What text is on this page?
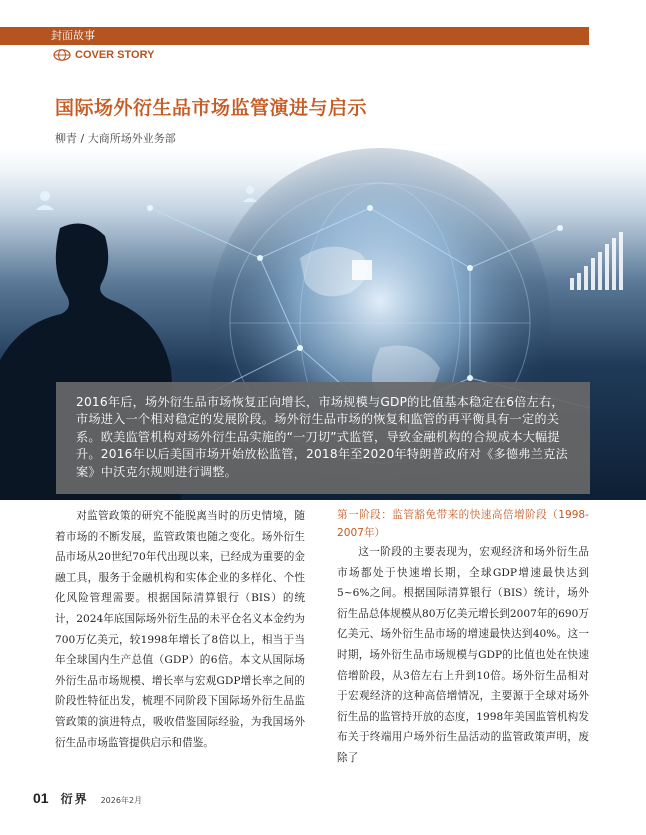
封面故事
COVER STORY
国际场外衍生品市场监管演进与启示
柳青 / 大商所场外业务部
2016年后，场外衍生品市场恢复正向增长，市场规模与GDP的比值基本稳定在6倍左右，市场进入一个相对稳定的发展阶段。场外衍生品市场的恢复和监管的再平衡具有一定的关系。欧美监管机构对场外衍生品实施的“一刀切”式监管，导致金融机构的合规成本大幅提升。2016年以后美国市场开始放松监管，2018年至2020年特朗普政府对《多德弗兰克法案》中沃克尔规则进行调整。

对监管政策的研究不能脱离当时的历史情境，随着市场的不断发展，监管政策也随之变化。场外衍生品市场从20世纪70年代出现以来，已经成为重要的金融工具，服务于金融机构和实体企业的多样化、个性化风险管理需要。根据国际清算银行（BIS）的统计，2024年底国际场外衍生品的未平仓名义本金约为700万亿美元，较1998年增长了8倍以上，相当于当年全球国内生产总值（GDP）的6倍。本文从国际场外衍生品市场规模、增长率与宏观GDP增长率之间的阶段性特征出发，梳理不同阶段下国际场外衍生品监管政策的演进特点，吸收借鉴国际经验，为我国场外衍生品市场监管提供启示和借鉴。

第一阶段：监管豁免带来的快速高倍增阶段（1998-2007年）

这一阶段的主要表现为，宏观经济和场外衍生品市场都处于快速增长期，全球GDP增速最快达到5~6%之间。根据国际清算银行（BIS）统计，场外衍生品总体规模从80万亿美元增长到2007年的690万亿美元、场外衍生品市场的增速最快达到40%。这一时期，场外衍生品市场规模与GDP的比值也处在快速倍增阶段，从3倍左右上升到10倍。场外衍生品相对于宏观经济的这种高倍增情况，主要源于全球对场外衍生品的监管持开放的态度，1998年美国监管机构发布关于终端用户场外衍生品活动的监管政策声明，废除了

01 衍界 2026年2月
